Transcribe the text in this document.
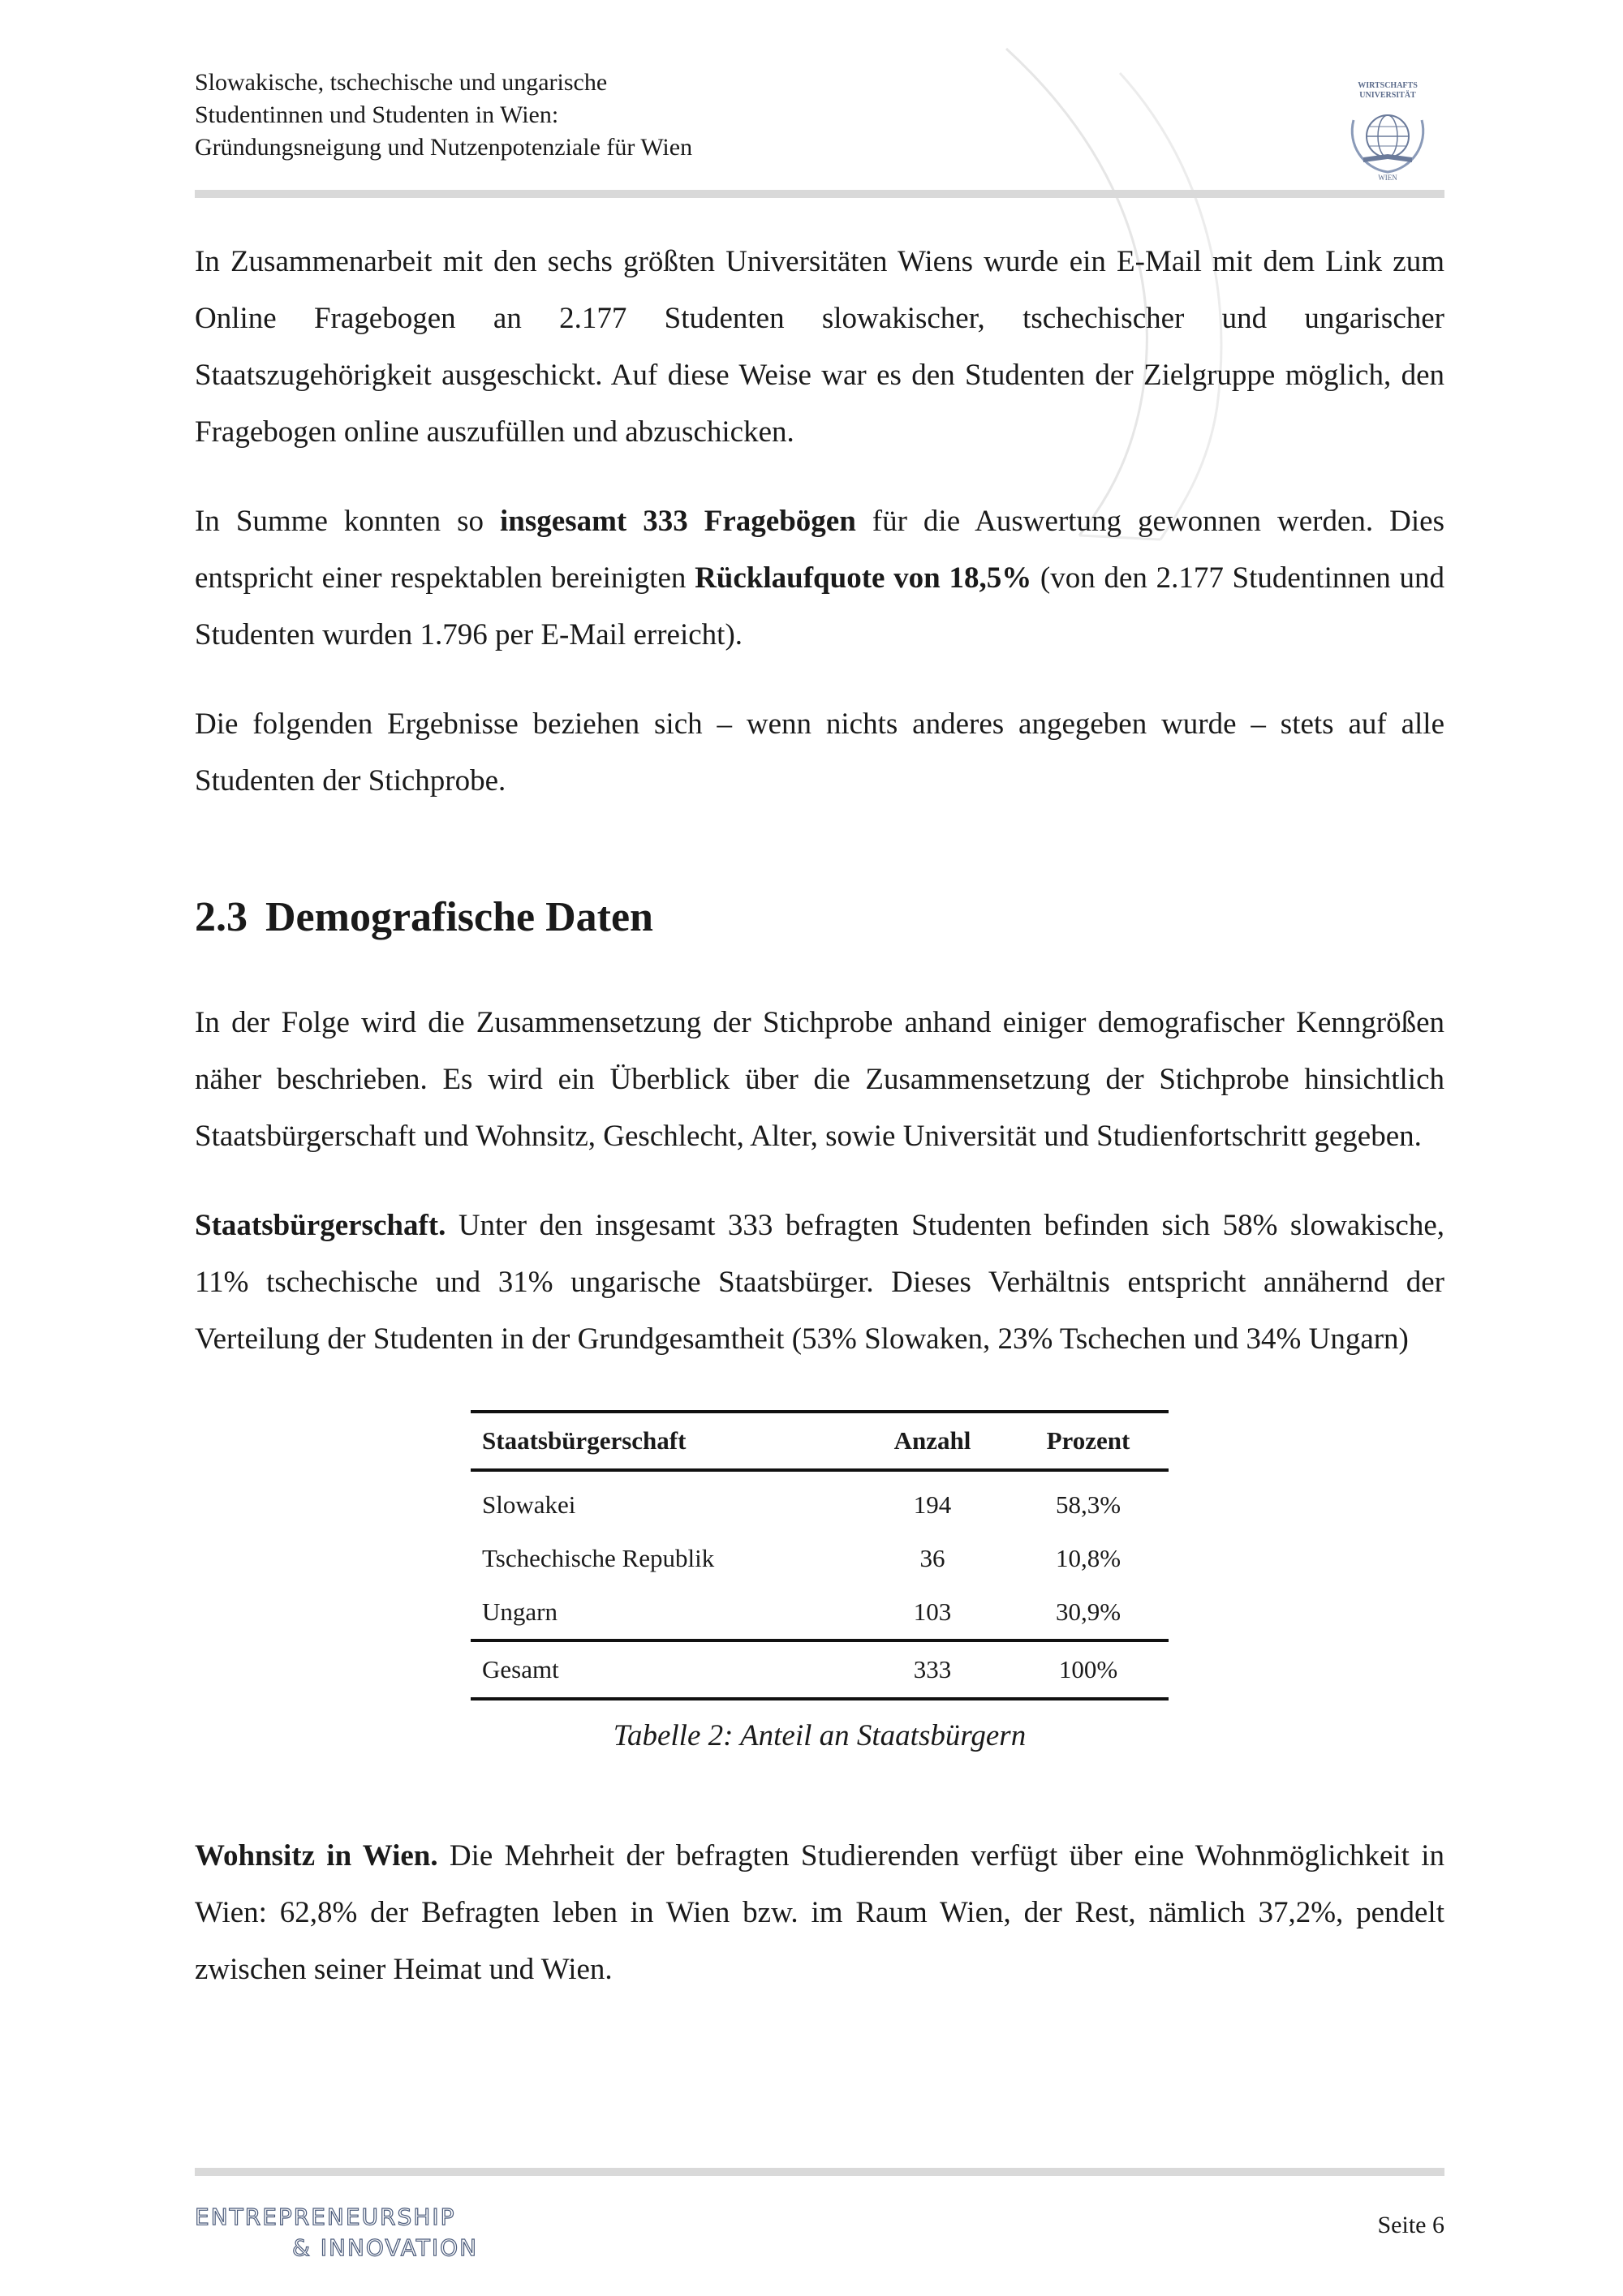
Slowakische, tschechische und ungarische
Studentinnen und Studenten in Wien:
Gründungsneigung und Nutzenpotenziale für Wien
WIRTSCHAFTS
UNIVERSITÄT
WIEN

In Zusammenarbeit mit den sechs größten Universitäten Wiens wurde ein E-Mail mit dem Link zum Online Fragebogen an 2.177 Studenten slowakischer, tschechischer und ungarischer Staatszugehörigkeit ausgeschickt. Auf diese Weise war es den Studenten der Zielgruppe möglich, den Fragebogen online auszufüllen und abzuschicken.

In Summe konnten so insgesamt 333 Fragebögen für die Auswertung gewonnen werden. Dies entspricht einer respektablen bereinigten Rücklaufquote von 18,5% (von den 2.177 Studentinnen und Studenten wurden 1.796 per E-Mail erreicht).

Die folgenden Ergebnisse beziehen sich – wenn nichts anderes angegeben wurde – stets auf alle Studenten der Stichprobe.

2.3 Demografische Daten

In der Folge wird die Zusammensetzung der Stichprobe anhand einiger demografischer Kenngrößen näher beschrieben. Es wird ein Überblick über die Zusammensetzung der Stichprobe hinsichtlich Staatsbürgerschaft und Wohnsitz, Geschlecht, Alter, sowie Universität und Studienfortschritt gegeben.

Staatsbürgerschaft. Unter den insgesamt 333 befragten Studenten befinden sich 58% slowakische, 11% tschechische und 31% ungarische Staatsbürger. Dieses Verhältnis entspricht annähernd der Verteilung der Studenten in der Grundgesamtheit (53% Slowaken, 23% Tschechen und 34% Ungarn)

Staatsbürgerschaft	Anzahl	Prozent
Slowakei	194	58,3%
Tschechische Republik	36	10,8%
Ungarn	103	30,9%
Gesamt	333	100%
Tabelle 2: Anteil an Staatsbürgern

Wohnsitz in Wien. Die Mehrheit der befragten Studierenden verfügt über eine Wohnmöglichkeit in Wien: 62,8% der Befragten leben in Wien bzw. im Raum Wien, der Rest, nämlich 37,2%, pendelt zwischen seiner Heimat und Wien.

ENTREPRENEURSHIP
& INNOVATION
Seite 6
